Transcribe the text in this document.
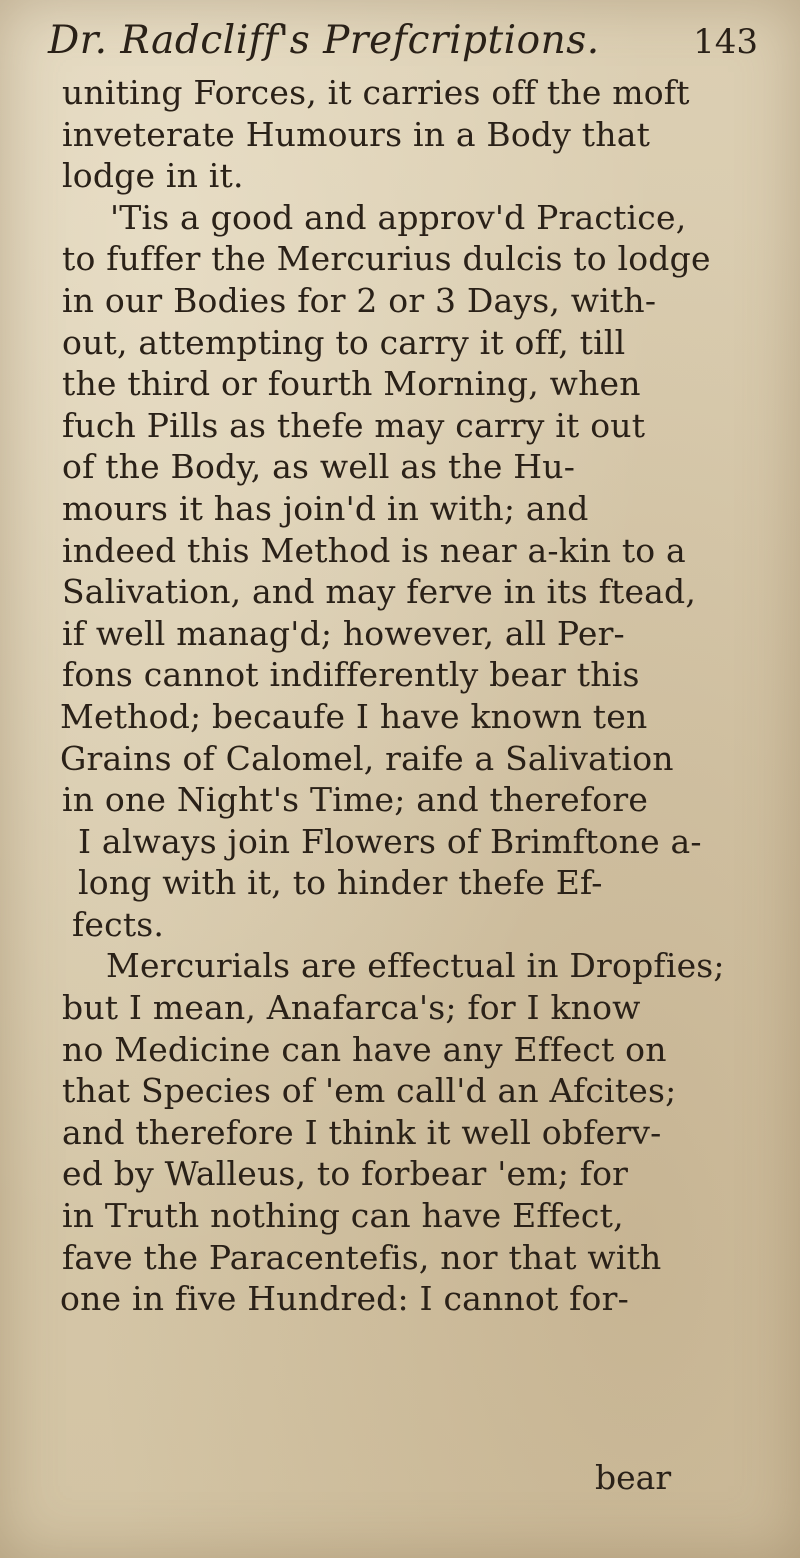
Dr. Radcliff's Prefcriptions.	143
uniting Forces, it carries off the moft
inveterate Humours in a Body that
lodge in it.
'Tis a good and approv'd Practice,
to fuffer the Mercurius dulcis to lodge
in our Bodies for 2 or 3 Days, with-
out, attempting to carry it off, till
the third or fourth Morning, when
fuch Pills as thefe may carry it out
of the Body, as well as the Hu-
mours it has join'd in with; and
indeed this Method is near a-kin to a
Salivation, and may ferve in its ftead,
if well manag'd; however, all Per-
fons cannot indifferently bear this
Method; becaufe I have known ten
Grains of Calomel, raife a Salivation
in one Night's Time; and therefore
I always join Flowers of Brimftone a-
long with it, to hinder thefe Ef-
fects.
Mercurials are effectual in Dropfies;
but I mean, Anafarca's; for I know
no Medicine can have any Effect on
that Species of 'em call'd an Afcites;
and therefore I think it well obferv-
ed by Walleus, to forbear 'em; for
in Truth nothing can have Effect,
fave the Paracentefis, nor that with
one in five Hundred: I cannot for-
bear
